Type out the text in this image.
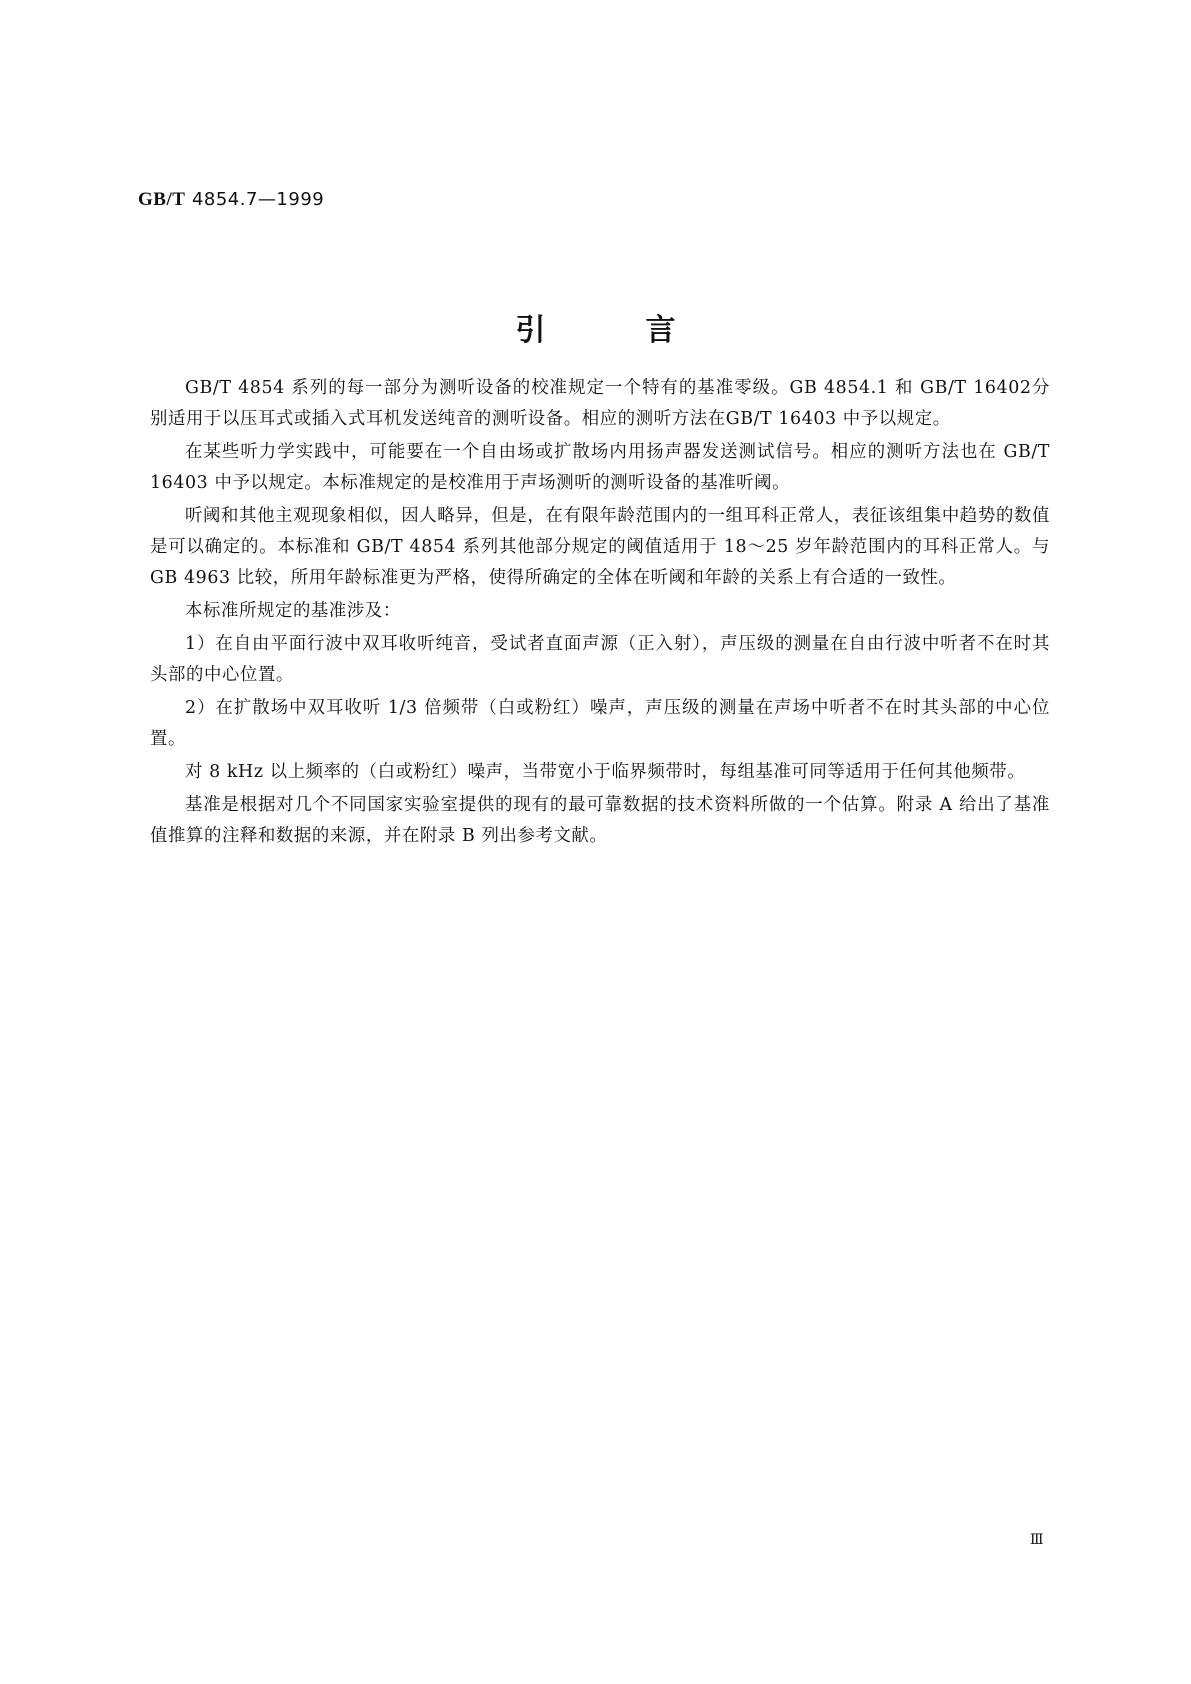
GB/T 4854.7—1999
引言

GB/T 4854 系列的每一部分为测听设备的校准规定一个特有的基准零级。GB 4854.1 和 GB/T 16402分别适用于以压耳式或插入式耳机发送纯音的测听设备。相应的测听方法在GB/T 16403 中予以规定。

在某些听力学实践中，可能要在一个自由场或扩散场内用扬声器发送测试信号。相应的测听方法也在 GB/T 16403 中予以规定。本标准规定的是校准用于声场测听的测听设备的基准听阈。

听阈和其他主观现象相似，因人略异，但是，在有限年龄范围内的一组耳科正常人，表征该组集中趋势的数值是可以确定的。本标准和 GB/T 4854 系列其他部分规定的阈值适用于 18～25 岁年龄范围内的耳科正常人。与 GB 4963 比较，所用年龄标准更为严格，使得所确定的全体在听阈和年龄的关系上有合适的一致性。

本标准所规定的基准涉及：

1）在自由平面行波中双耳收听纯音，受试者直面声源（正入射），声压级的测量在自由行波中听者不在时其头部的中心位置。

2）在扩散场中双耳收听 1/3 倍频带（白或粉红）噪声，声压级的测量在声场中听者不在时其头部的中心位置。

对 8 kHz 以上频率的（白或粉红）噪声，当带宽小于临界频带时，每组基准可同等适用于任何其他频带。

基准是根据对几个不同国家实验室提供的现有的最可靠数据的技术资料所做的一个估算。附录 A 给出了基准值推算的注释和数据的来源，并在附录 B 列出参考文献。

Ⅲ
